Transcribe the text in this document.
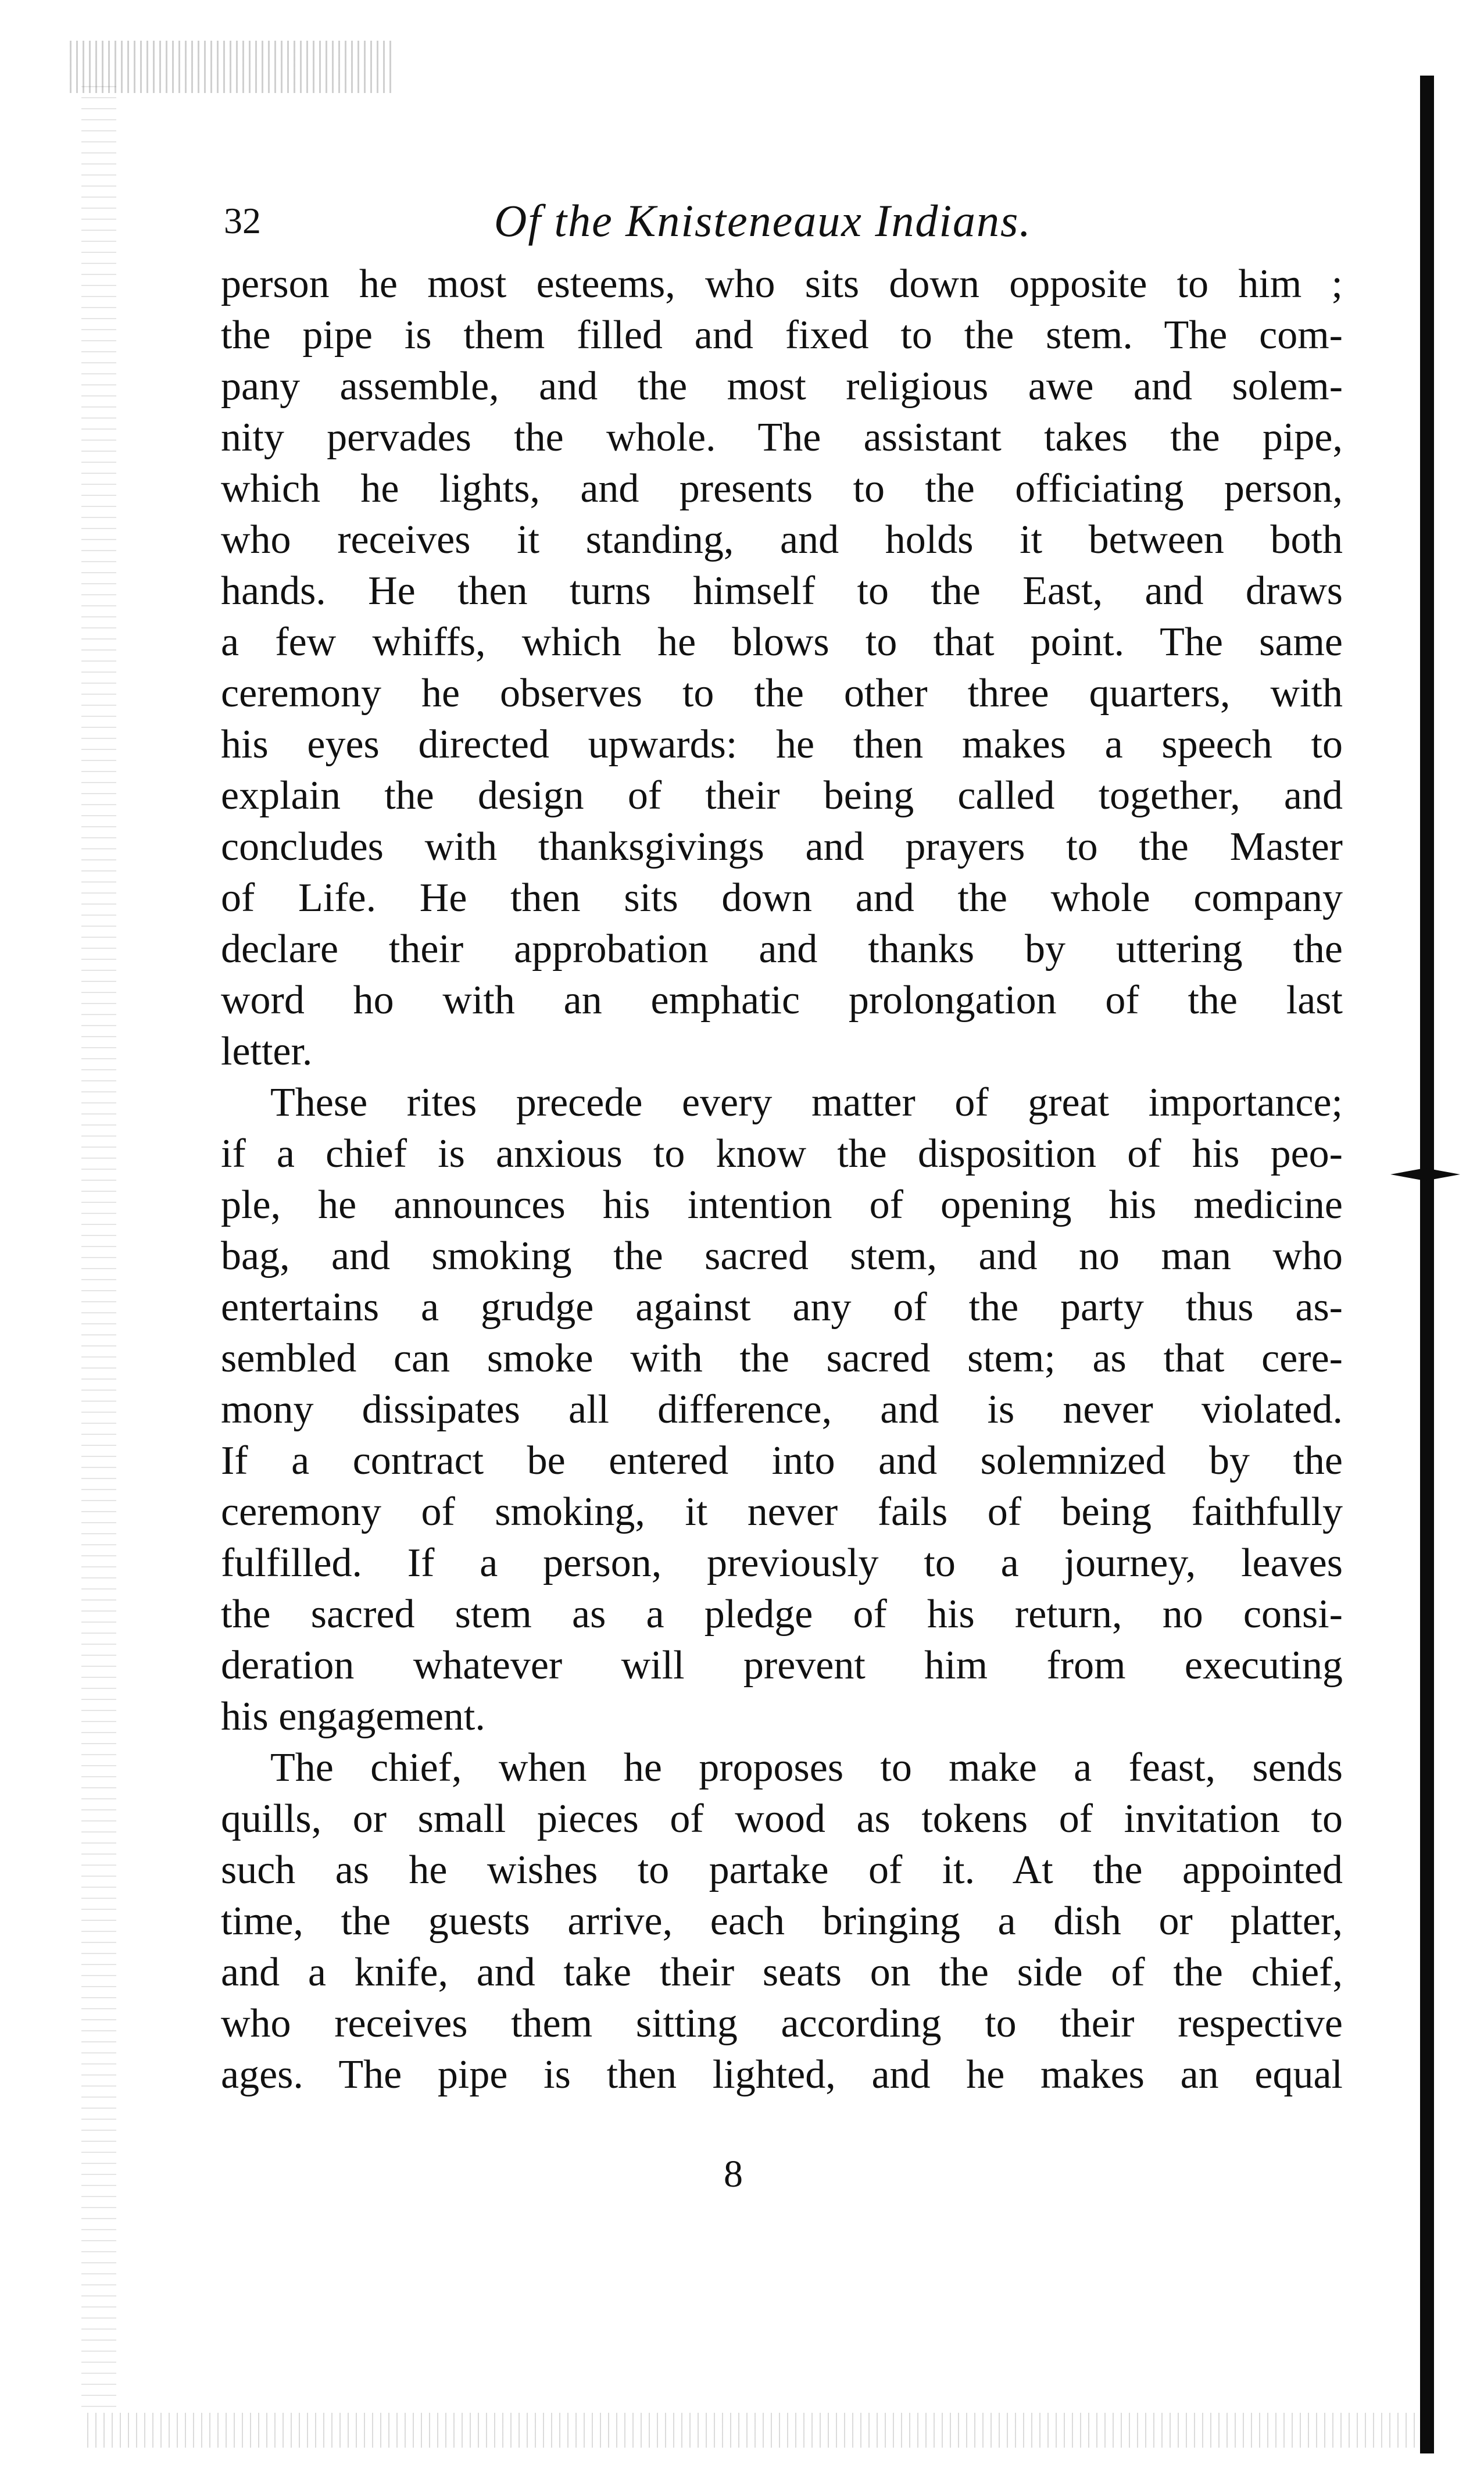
32	Of the Knisteneaux Indians.
person he most esteems, who sits down opposite to him ;
the pipe is them filled and fixed to the stem. The com-
pany assemble, and the most religious awe and solem-
nity pervades the whole. The assistant takes the pipe,
which he lights, and presents to the officiating person,
who receives it standing, and holds it between both
hands. He then turns himself to the East, and draws
a few whiffs, which he blows to that point. The same
ceremony he observes to the other three quarters, with
his eyes directed upwards: he then makes a speech to
explain the design of their being called together, and
concludes with thanksgivings and prayers to the Master
of Life. He then sits down and the whole company
declare their approbation and thanks by uttering the
word ho with an emphatic prolongation of the last
letter.
These rites precede every matter of great importance;
if a chief is anxious to know the disposition of his peo-
ple, he announces his intention of opening his medicine
bag, and smoking the sacred stem, and no man who
entertains a grudge against any of the party thus as-
sembled can smoke with the sacred stem; as that cere-
mony dissipates all difference, and is never violated.
If a contract be entered into and solemnized by the
ceremony of smoking, it never fails of being faithfully
fulfilled. If a person, previously to a journey, leaves
the sacred stem as a pledge of his return, no consi-
deration whatever will prevent him from executing
his engagement.
The chief, when he proposes to make a feast, sends
quills, or small pieces of wood as tokens of invitation to
such as he wishes to partake of it. At the appointed
time, the guests arrive, each bringing a dish or platter,
and a knife, and take their seats on the side of the chief,
who receives them sitting according to their respective
ages. The pipe is then lighted, and he makes an equal
8
